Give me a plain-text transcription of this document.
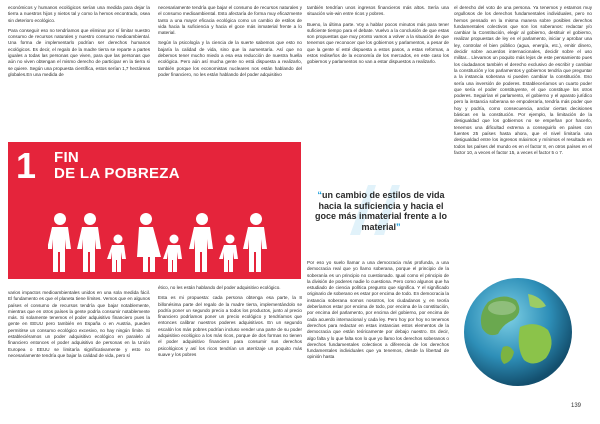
económicos y humanos ecológicos serían una medida para dejar la tierra a nuestros hijos y nietos tal y como la hemos encontrado, osea sin deterioro ecológico.

Para conseguir eso no tendríamos que eliminar por sí limitar nuestro consumo de recursos naturales y nuestro consumo medioambiental. Una forma de implementarlo podrían ser derechos humanos ecológicos. Es decir, el regalo de la madre tierra se reparte a partes iguales a todas las personas que viven, para que las personas que aún no viven obtengan el mismo derecho de participar en la tierra si se quiere. Según una propuesta científica, estos serían 1,7 hectáreas globales.En una medida de

necesariamente tendría que bajar el consumo de recursos naturales y el consumo medioambiental. Esto afectaría de forma muy eficazmente tanto a una mayor eficacia ecológica como un cambio de estilos de vida hacia la suficiencia y hacia el goce más inmaterial frente a lo material.

Según la psicología y la ciencia de la suerte sabemos que esto no bajaría la calidad de vida, sino que la aumentaría. Así que no debemos tener mucho miedo a esa esa reducción de nuestra huella ecológica. Pero aún así mucha gente no está dispuesta a realizarlo, también porque los economistas nucleares nos están hablando del poder financiero, no les están hablando del poder adquisitivo

también tendrían unos ingresos financieros más altos. Sería una situación win-win entre ricos y pobres.

Bueno, la última parte. Voy a hablar pocos minutos más para tener suficiente tiempo para el debate. Vuelvo a la conclusión de que estas son propuestas que muy pronto vamos a volver a la situación de que tenemos que reconocer que los gobiernos y parlamentos, a pesar de que la gente sí esté dispuesta a estos pasos, a estas reformas, a estos rediseños de la economía de los mercados, en este caso los gobiernos y parlamentos no van a estar dispuestos a realizarlo.

el derecho del voto de una persona. Ya tenemos y estamos muy orgullosos de los derechos fundamentales individuales, pero no hemos pensado en la misma manera sobre posibles derechos fundamentales colectivos que son los soberanos: redactar y/o cambiar la Constitución, elegir al gobierno, destituir el gobierno, realizar propuestas de ley en el parlamento, iniciar y aprobar una ley, controlar el bien público (agua, energía, etc.), emitir dinero, decidir sobre acuerdos internacionales, decidir sobre el uso militar... Llevamos un poquito más lejos de este pensamiento pues los ciudadanos también el derecho exclusivo de escribir y cambiar la constitución y los parlamentos y gobiernos tendría que preguntar a la instancia soberana si pueden cambiar la constitución. Eso sería una inversión de poderes. Estableceríamos un cuarto poder que sería el poder constituyente, el que constituye los otros poderes. Seguirían el parlamento, el gobierno y el aparato jurídico pero la instancia soberana se empoderaría, tendría más poder que hoy y podría, como consecuencia, anclar ciertas decisiones básicas en la constitución. Por ejemplo, la limitación de la desigualdad que los gobiernos no se empeñan por hacerlo, tenemos una dificultad extrema a conseguirlo en países con fuentes 25 países hasta ahora, que el nivel limitaría una desigualdad entre los ingresos máximos y mínimos el resultado en todos los países del mundo es en el factor 8, en otros países en el factor 10, a veces el factor 15, a veces el factor 5 o 7.

1 FIN
DE LA POBREZA

varios impactos medioambientales unidos en una sola medida fácil. El fundamento es que el planeta tiene límites. Vemos que en algunos países el consumo de recursos tendría que bajar notablemente, mientras que en otros países la gente podría consumir notablemente más. Si solamente tenemos el poder adquisitivo financiero pues la gente en EEUU pero también en España o en Austria, pueden permitirse un consumo ecológico excesivo, no hay ningún límite. Si estableciéramos un poder adquisitivo ecológico en paralelo al financiero entonces el poder adquisitivo de personas en la Unión Europea o EEUU se limitaría significativamente y esto no necesariamente tendría que bajar la calidad de vida, pero sí

ético, no les están hablando del poder adquisitivo ecológico.

Esta es mi propuesta: cada persona obtenga esa parte, la 8 billonésima parte del regalo de la madre tierra, implementándolo se podría poner un segundo precio a todos los productos, junto al precio financiero podríamos poner un precio ecológico y tendríamos que entonces calibrar nuestros poderes adquisitivos. En un segundo escalón los más pobres podrían incluso vender una parte de su poder adquisitivo ecológico a los más ricos, porque de dos formas no tienen el poder adquisitivo financiero para consumir sus derechos psicológicos y así los ricos tendrían un aterrizaje un poquito más suave y los pobres

“un cambio de estilos de vida hacia la suficiencia y hacia el goce más inmaterial frente a lo material”

Por eso yo suelo llamar a una democracia más profunda, a una democracia real que yo llamo soberana, porque el principio de la soberanía es un principio no cuestionado. Igual como el principio de la división de poderes nadie lo cuestiona. Pero como algunos que ha estudiado de ciencia política pregunto que significa. Y el significado originario de soberano es estar por encima de todo. En democracia la instancia soberana somos nosotros, los ciudadanos y, en teoría deberíamos estar por encima de todo, por encima de la constitución, por encima del parlamento, por encima del gobierno, por encima de cada acuerdo internacional y cada ley. Pero hoy por hoy no tenemos derechos para redactar en estas instancias estos elementos de la democracia que están teóricamente por debajo nuestro. Es decir, algo falta y lo que falta son lo que yo llamo los derechos soberanos o derechos fundamentales colectivos a diferencia de los derechos fundamentales individuales que ya tenemos, desde la libertad de opinión hasta

139
